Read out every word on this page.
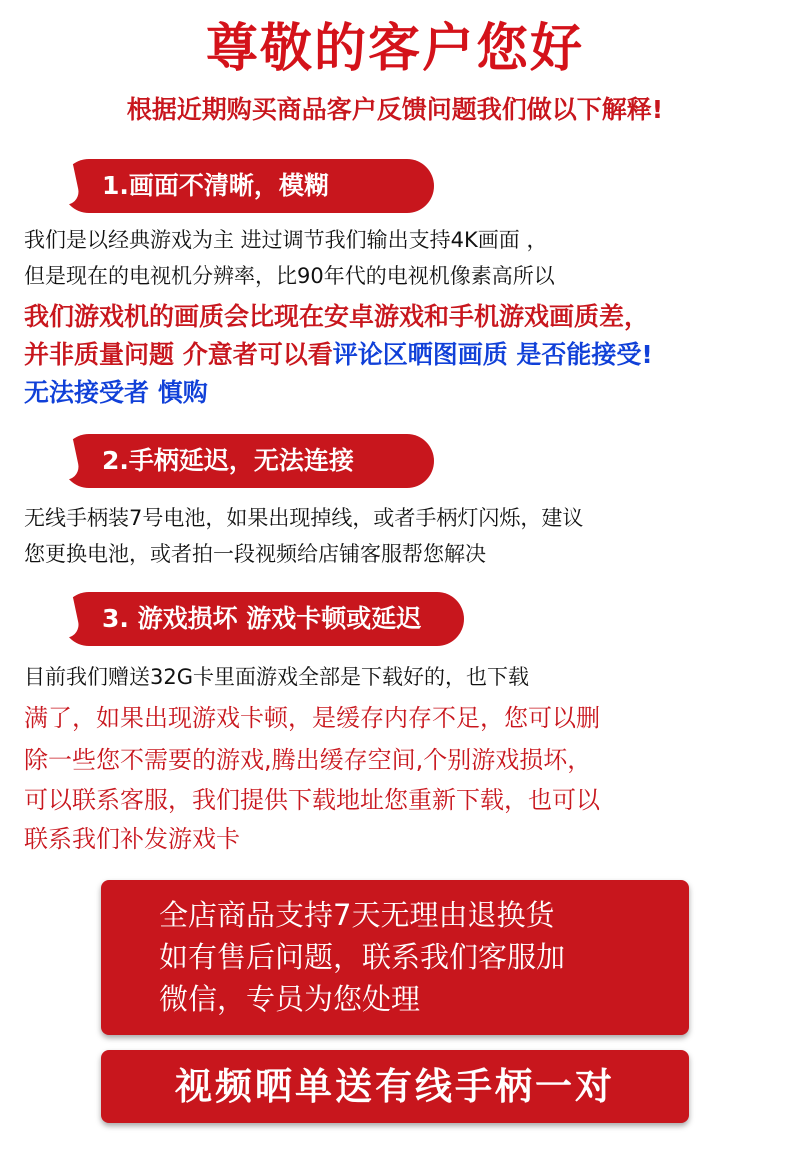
尊敬的客户您好
根据近期购买商品客户反馈问题我们做以下解释!
1.画面不清晰，模糊
我们是以经典游戏为主 进过调节我们输出支持4K画面 ，
但是现在的电视机分辨率，比90年代的电视机像素高所以
我们游戏机的画质会比现在安卓游戏和手机游戏画质差，
并非质量问题 介意者可以看评论区晒图画质 是否能接受!
无法接受者 慎购
2.手柄延迟，无法连接
无线手柄装7号电池，如果出现掉线，或者手柄灯闪烁，建议
您更换电池，或者拍一段视频给店铺客服帮您解决
3. 游戏损坏 游戏卡顿或延迟
目前我们赠送32G卡里面游戏全部是下载好的，也下载
满了，如果出现游戏卡顿，是缓存内存不足，您可以删
除一些您不需要的游戏,腾出缓存空间,个别游戏损坏，
可以联系客服，我们提供下载地址您重新下载，也可以
联系我们补发游戏卡
全店商品支持7天无理由退换货
如有售后问题，联系我们客服加
微信，专员为您处理
视频晒单送有线手柄一对
